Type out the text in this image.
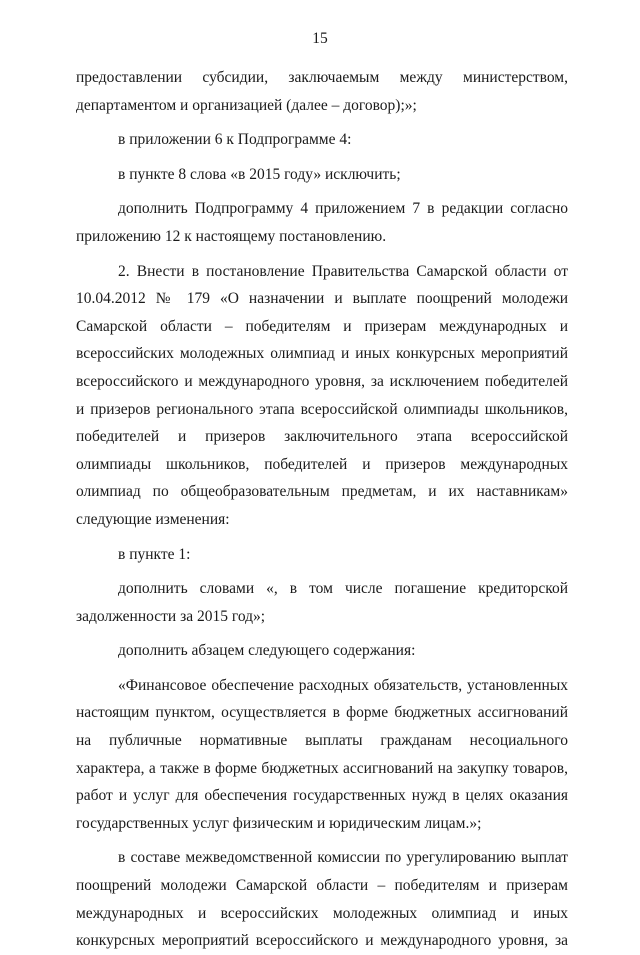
15

предоставлении субсидии, заключаемым между министерством, департаментом и организацией (далее – договор);»;

в приложении 6 к Подпрограмме 4:

в пункте 8 слова «в 2015 году» исключить;

дополнить Подпрограмму 4 приложением 7 в редакции согласно приложению 12 к настоящему постановлению.

2. Внести в постановление Правительства Самарской области от 10.04.2012 № 179 «О назначении и выплате поощрений молодежи Самарской области – победителям и призерам международных и всероссийских молодежных олимпиад и иных конкурсных мероприятий всероссийского и международного уровня, за исключением победителей и призеров регионального этапа всероссийской олимпиады школьников, победителей и призеров заключительного этапа всероссийской олимпиады школьников, победителей и призеров международных олимпиад по общеобразовательным предметам, и их наставникам» следующие изменения:

в пункте 1:

дополнить словами «, в том числе погашение кредиторской задолженности за 2015 год»;

дополнить абзацем следующего содержания:

«Финансовое обеспечение расходных обязательств, установленных настоящим пунктом, осуществляется в форме бюджетных ассигнований на публичные нормативные выплаты гражданам несоциального характера, а также в форме бюджетных ассигнований на закупку товаров, работ и услуг для обеспечения государственных нужд в целях оказания государственных услуг физическим и юридическим лицам.»;

в составе межведомственной комиссии по урегулированию выплат поощрений молодежи Самарской области – победителям и призерам международных и всероссийских молодежных олимпиад и иных конкурсных мероприятий всероссийского и международного уровня, за
